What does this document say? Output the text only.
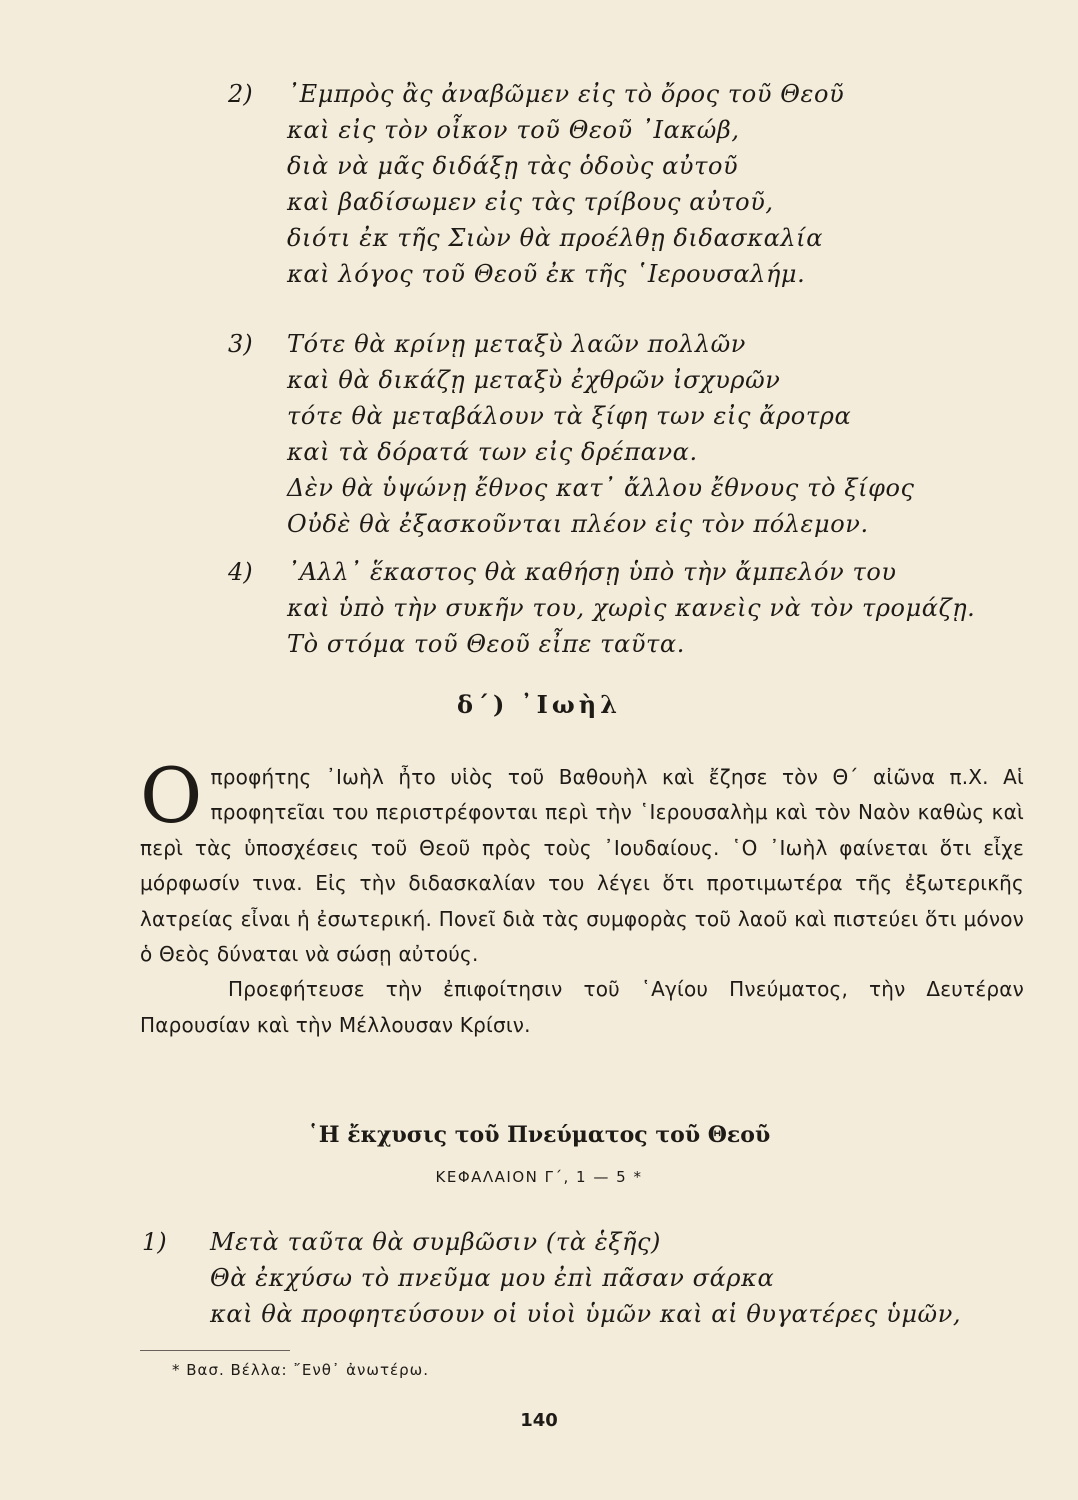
2) ᾿Εμπρὸς ἂς ἀναβῶμεν εἰς τὸ ὄρος τοῦ Θεοῦ
καὶ εἰς τὸν οἶκον τοῦ Θεοῦ ᾿Ιακώβ,
διὰ νὰ μᾶς διδάξῃ τὰς ὁδοὺς αὐτοῦ
καὶ βαδίσωμεν εἰς τὰς τρίβους αὐτοῦ,
διότι ἐκ τῆς Σιὼν θὰ προέλθῃ διδασκαλία
καὶ λόγος τοῦ Θεοῦ ἐκ τῆς ῾Ιερουσαλήμ.
3) Τότε θὰ κρίνῃ μεταξὺ λαῶν πολλῶν
καὶ θὰ δικάζῃ μεταξὺ ἐχθρῶν ἰσχυρῶν
τότε θὰ μεταβάλουν τὰ ξίφη των εἰς ἄροτρα
καὶ τὰ δόρατά των εἰς δρέπανα.
Δὲν θὰ ὑψώνῃ ἔθνος κατ᾿ ἄλλου ἔθνους τὸ ξίφος
Οὐδὲ θὰ ἐξασκοῦνται πλέον εἰς τὸν πόλεμον.
4) ᾿Αλλ᾿ ἕκαστος θὰ καθήσῃ ὑπὸ τὴν ἄμπελόν του
καὶ ὑπὸ τὴν συκῆν του, χωρὶς κανεὶς νὰ τὸν τρομάζῃ.
Τὸ στόμα τοῦ Θεοῦ εἶπε ταῦτα.
δ΄) ᾿Ιωὴλ

Οπροφήτης ᾿Ιωὴλ ἦτο υἱὸς τοῦ Βαθουὴλ καὶ ἔζησε τὸν Θ΄ αἰῶνα π.Χ. Αἱ προφητεῖαι του περιστρέφονται περὶ τὴν ῾Ιερουσαλὴμ καὶ τὸν Ναὸν καθὼς καὶ περὶ τὰς ὑποσχέσεις τοῦ Θεοῦ πρὸς τοὺς ᾿Ιουδαίους. ῾Ο ᾿Ιωὴλ φαίνεται ὅτι εἶχε μόρφωσίν τινα. Εἰς τὴν διδασκαλίαν του λέγει ὅτι προτιμωτέρα τῆς ἐξωτερικῆς λατρείας εἶναι ἡ ἐσωτερική. Πονεῖ διὰ τὰς συμφορὰς τοῦ λαοῦ καὶ πιστεύει ὅτι μόνον ὁ Θεὸς δύναται νὰ σώσῃ αὐτούς.

Προεφήτευσε τὴν ἐπιφοίτησιν τοῦ ῾Αγίου Πνεύματος, τὴν Δευτέραν Παρουσίαν καὶ τὴν Μέλλουσαν Κρίσιν.

῾Η ἔκχυσις τοῦ Πνεύματος τοῦ Θεοῦ
ΚΕΦΑΛΑΙΟΝ Γ΄, 1 — 5 *
1) Μετὰ ταῦτα θὰ συμβῶσιν (τὰ ἑξῆς)
Θὰ ἐκχύσω τὸ πνεῦμα μου ἐπὶ πᾶσαν σάρκα
καὶ θὰ προφητεύσουν οἱ υἱοὶ ὑμῶν καὶ αἱ θυγατέρες ὑμῶν,
* Βασ. Βέλλα: ῎Ενθ᾿ ἀνωτέρω.
140
